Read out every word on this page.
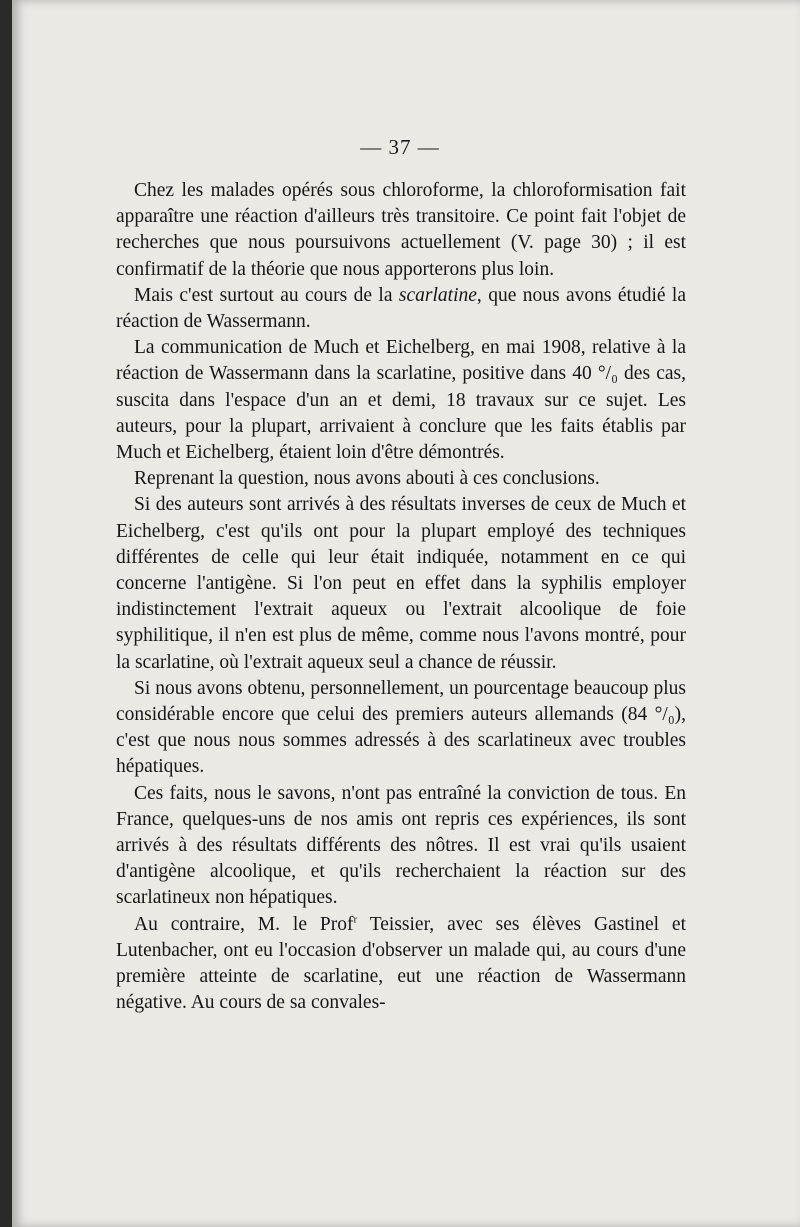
— 37 —

Chez les malades opérés sous chloroforme, la chloroformisation fait apparaître une réaction d'ailleurs très transitoire. Ce point fait l'objet de recherches que nous poursuivons actuellement (V. page 30) ; il est confirmatif de la théorie que nous apporterons plus loin.

Mais c'est surtout au cours de la scarlatine, que nous avons étudié la réaction de Wassermann.

La communication de Much et Eichelberg, en mai 1908, relative à la réaction de Wassermann dans la scarlatine, positive dans 40 °/₀ des cas, suscita dans l'espace d'un an et demi, 18 travaux sur ce sujet. Les auteurs, pour la plupart, arrivaient à conclure que les faits établis par Much et Eichelberg, étaient loin d'être démontrés.

Reprenant la question, nous avons abouti à ces conclusions.

Si des auteurs sont arrivés à des résultats inverses de ceux de Much et Eichelberg, c'est qu'ils ont pour la plupart employé des techniques différentes de celle qui leur était indiquée, notamment en ce qui concerne l'antigène. Si l'on peut en effet dans la syphilis employer indistinctement l'extrait aqueux ou l'extrait alcoolique de foie syphilitique, il n'en est plus de même, comme nous l'avons montré, pour la scarlatine, où l'extrait aqueux seul a chance de réussir.

Si nous avons obtenu, personnellement, un pourcentage beaucoup plus considérable encore que celui des premiers auteurs allemands (84 °/₀), c'est que nous nous sommes adressés à des scarlatineux avec troubles hépatiques.

Ces faits, nous le savons, n'ont pas entraîné la conviction de tous. En France, quelques-uns de nos amis ont repris ces expériences, ils sont arrivés à des résultats différents des nôtres. Il est vrai qu'ils usaient d'antigène alcoolique, et qu'ils recherchaient la réaction sur des scarlatineux non hépatiques.

Au contraire, M. le Prof$^r$ Teissier, avec ses élèves Gastinel et Lutenbacher, ont eu l'occasion d'observer un malade qui, au cours d'une première atteinte de scarlatine, eut une réaction de Wassermann négative. Au cours de sa convales-
